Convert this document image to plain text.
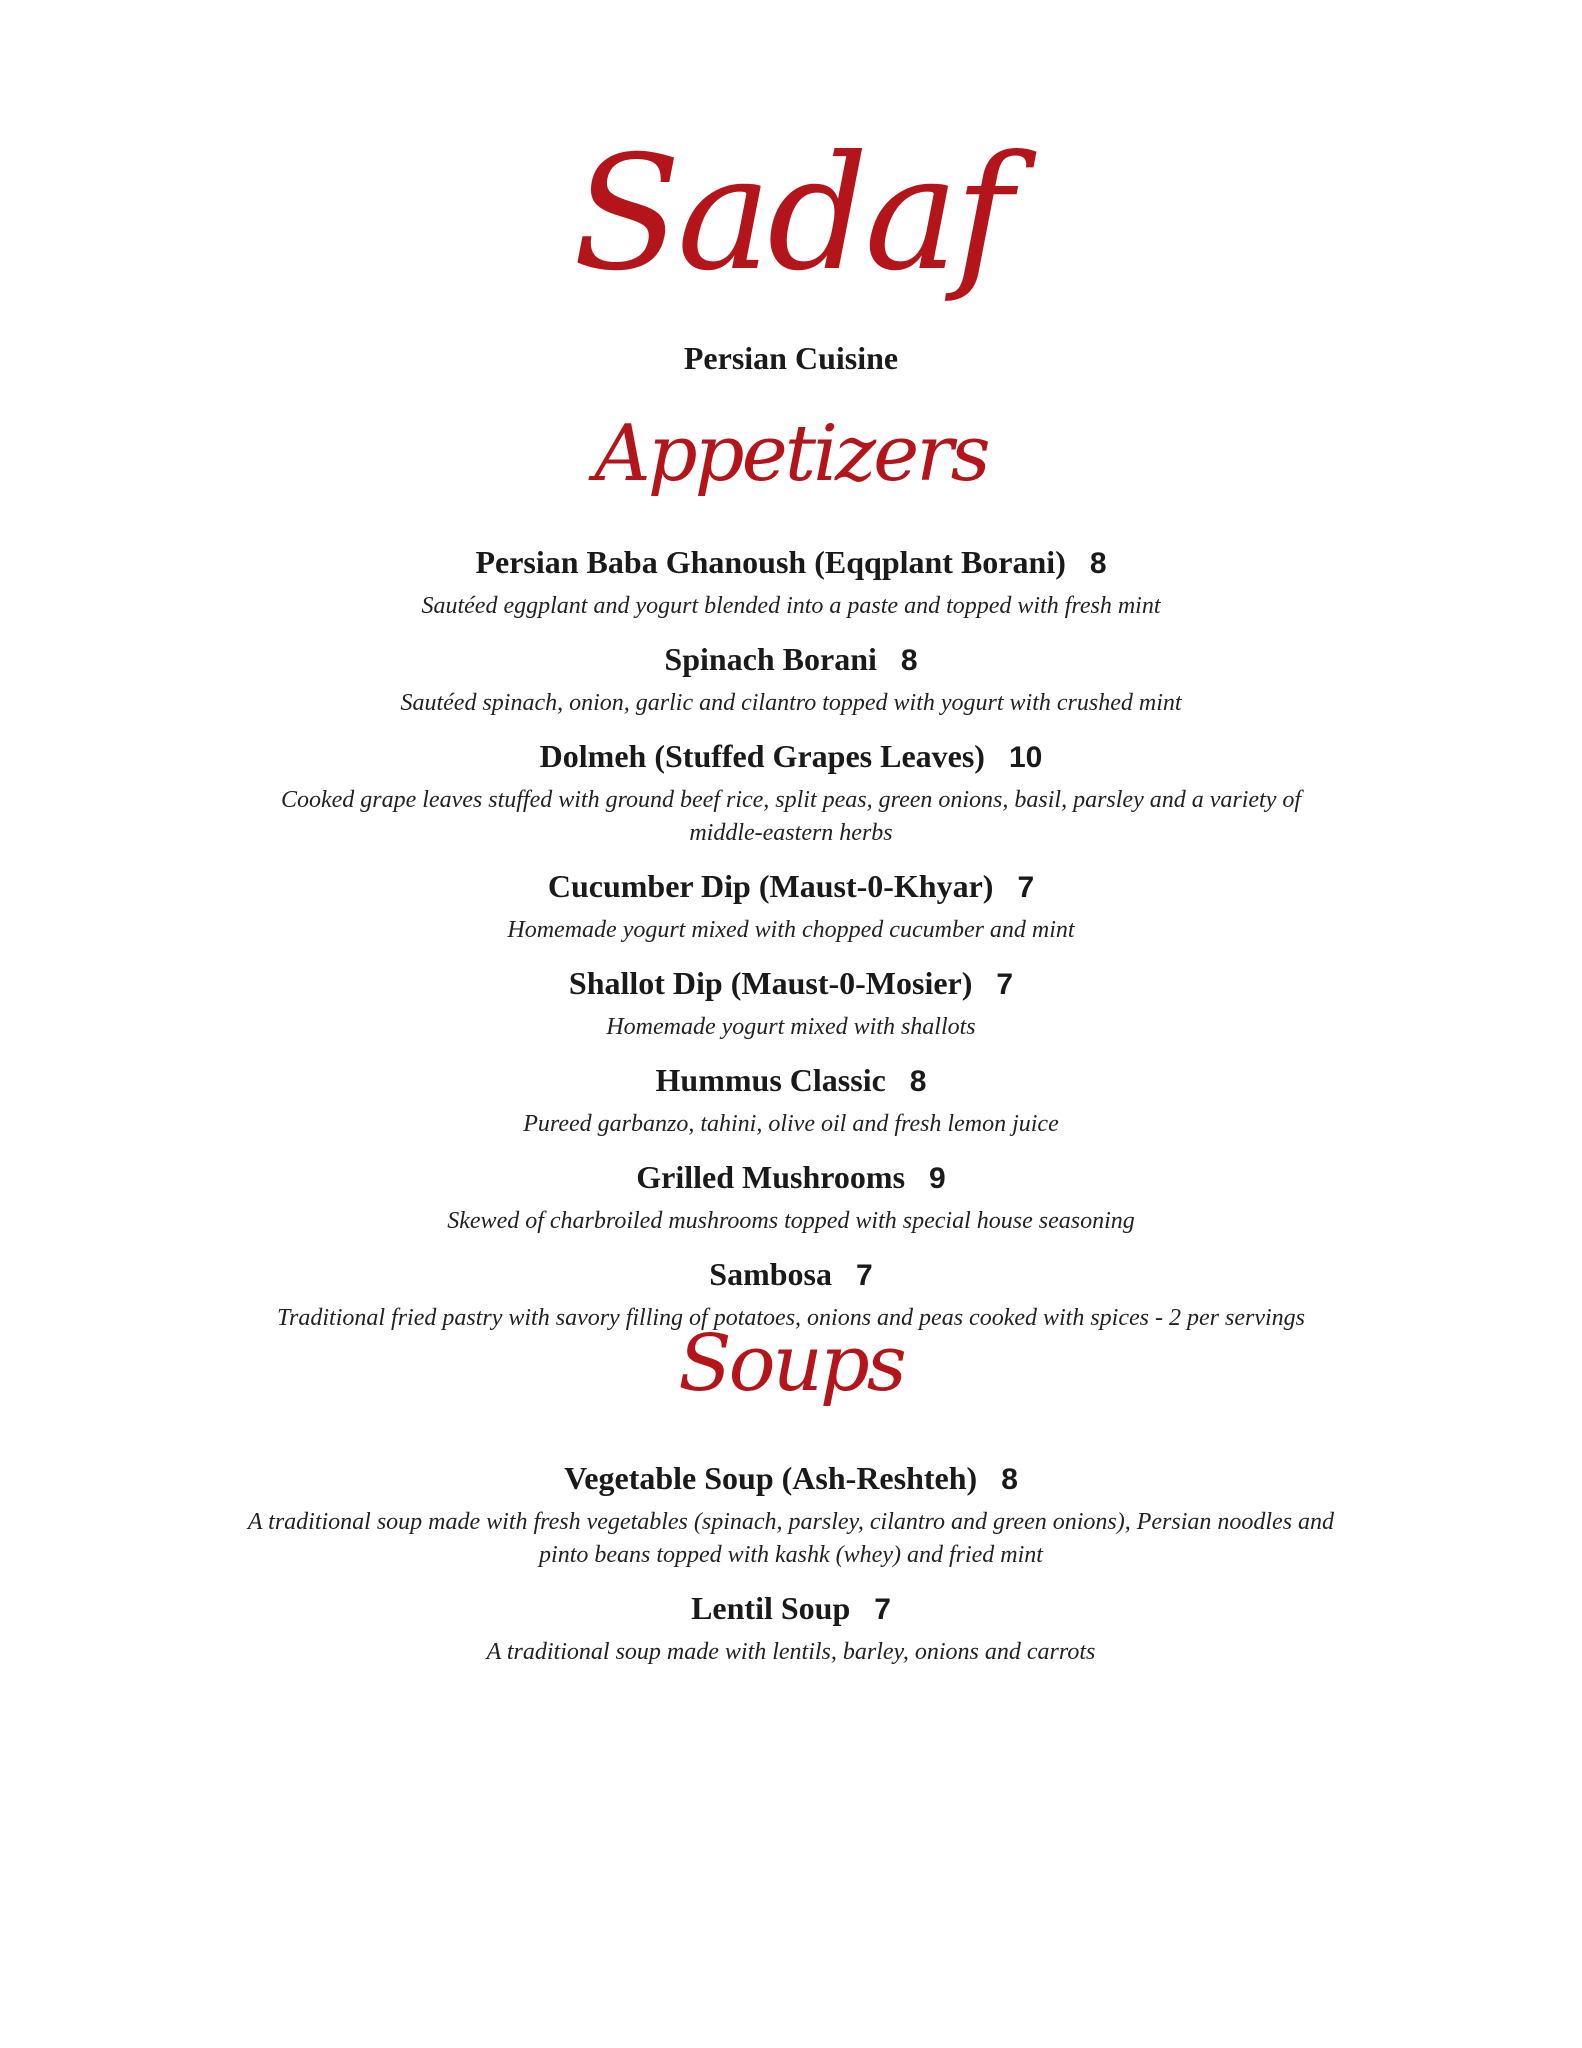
Sadaf
Persian Cuisine
Appetizers
Persian Baba Ghanoush (Eqqplant Borani) 8
Sautéed eggplant and yogurt blended into a paste and topped with fresh mint
Spinach Borani 8
Sautéed spinach, onion, garlic and cilantro topped with yogurt with crushed mint
Dolmeh (Stuffed Grapes Leaves) 10
Cooked grape leaves stuffed with ground beef rice, split peas, green onions, basil, parsley and a variety of middle-eastern herbs
Cucumber Dip (Maust-0-Khyar) 7
Homemade yogurt mixed with chopped cucumber and mint
Shallot Dip (Maust-0-Mosier) 7
Homemade yogurt mixed with shallots
Hummus Classic 8
Pureed garbanzo, tahini, olive oil and fresh lemon juice
Grilled Mushrooms 9
Skewed of charbroiled mushrooms topped with special house seasoning
Sambosa 7
Traditional fried pastry with savory filling of potatoes, onions and peas cooked with spices - 2 per servings
Soups
Vegetable Soup (Ash-Reshteh) 8
A traditional soup made with fresh vegetables (spinach, parsley, cilantro and green onions), Persian noodles and pinto beans topped with kashk (whey) and fried mint
Lentil Soup 7
A traditional soup made with lentils, barley, onions and carrots
